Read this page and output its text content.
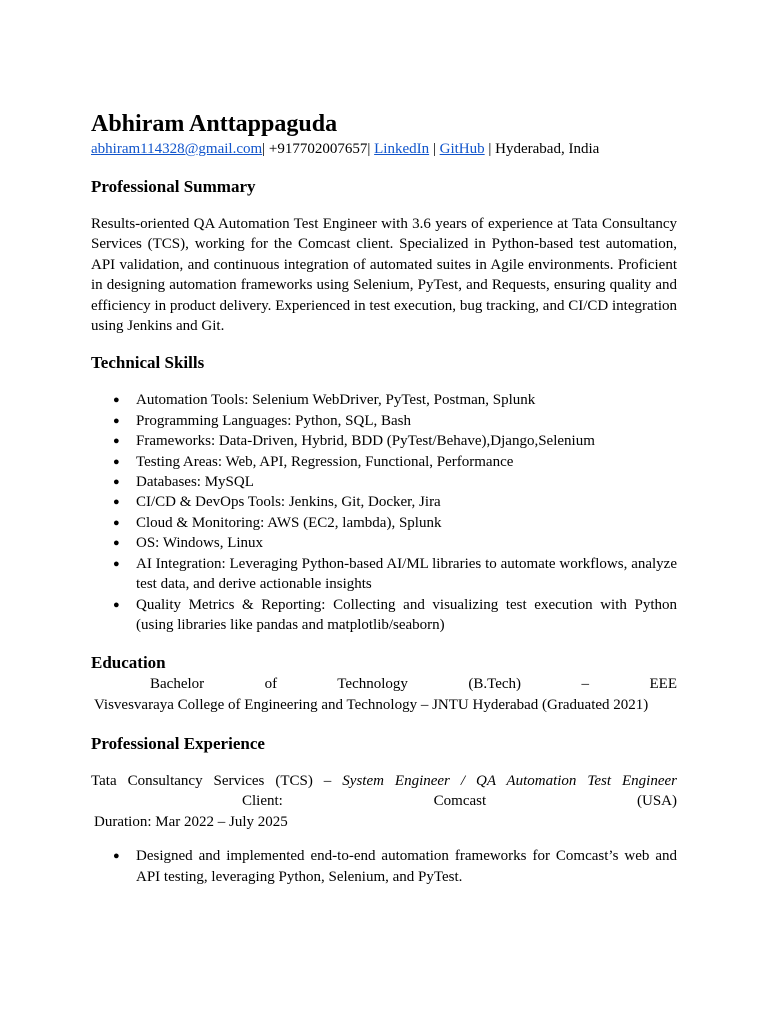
Abhiram Anttappaguda
abhiram114328@gmail.com| +917702007657| LinkedIn | GitHub | Hyderabad, India
Professional Summary
Results-oriented QA Automation Test Engineer with 3.6 years of experience at Tata Consultancy Services (TCS), working for the Comcast client. Specialized in Python-based test automation, API validation, and continuous integration of automated suites in Agile environments. Proficient in designing automation frameworks using Selenium, PyTest, and Requests, ensuring quality and efficiency in product delivery. Experienced in test execution, bug tracking, and CI/CD integration using Jenkins and Git.
Technical Skills
● Automation Tools: Selenium WebDriver, PyTest, Postman, Splunk
● Programming Languages: Python, SQL, Bash
● Frameworks: Data-Driven, Hybrid, BDD (PyTest/Behave),Django,Selenium
● Testing Areas: Web, API, Regression, Functional, Performance
● Databases: MySQL
● CI/CD & DevOps Tools: Jenkins, Git, Docker, Jira
● Cloud & Monitoring: AWS (EC2, lambda), Splunk
● OS: Windows, Linux
● AI Integration: Leveraging Python-based AI/ML libraries to automate workflows, analyze test data, and derive actionable insights
● Quality Metrics & Reporting: Collecting and visualizing test execution with Python (using libraries like pandas and matplotlib/seaborn)
Education
Bachelor of Technology (B.Tech) – EEE
Visvesvaraya College of Engineering and Technology – JNTU Hyderabad (Graduated 2021)
Professional Experience
Tata Consultancy Services (TCS) – System Engineer / QA Automation Test Engineer
Client: Comcast (USA)
Duration: Mar 2022 – July 2025
● Designed and implemented end-to-end automation frameworks for Comcast’s web and API testing, leveraging Python, Selenium, and PyTest.
